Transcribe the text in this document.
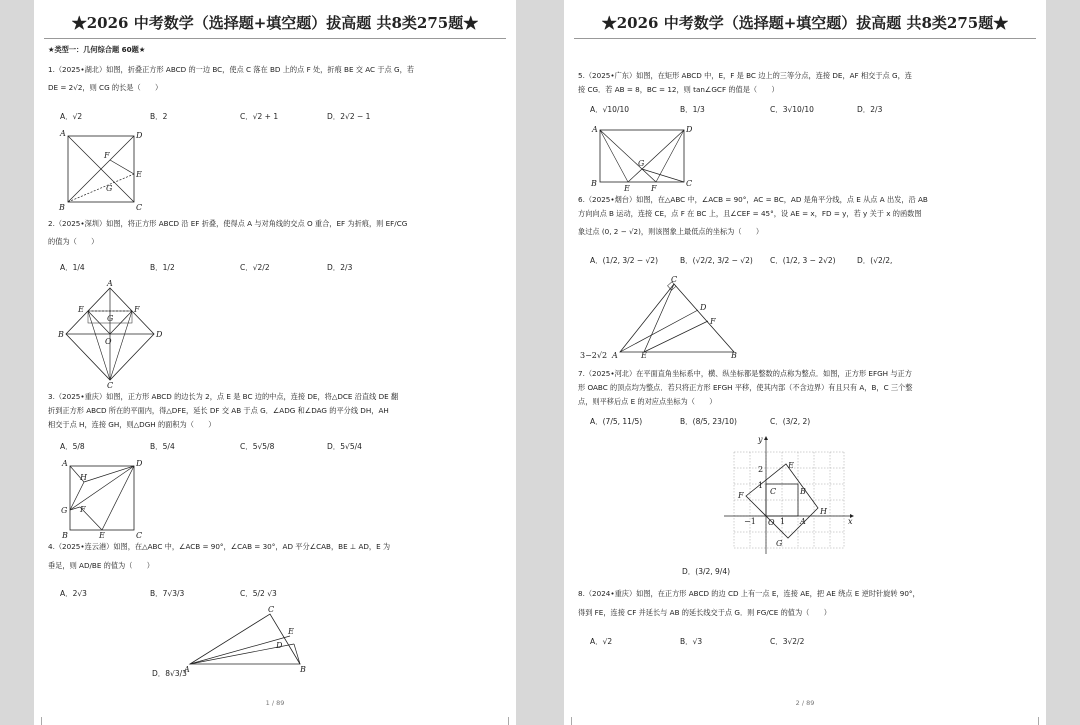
★2026 中考数学（选择题+填空题）拔高题 共8类275题★
★类型一：几何综合题 60题★
1.（2025•湖北）如图，折叠正方形 ABCD 的一边 BC，使点 C 落在 BD 上的点 F 处，折痕 BE 交 AC 于点 G，若
DE = 2√2，则 CG 的长是（　　）
A．√2	B．2	C．√2 + 1	D．2√2 − 1
A	D
F
E
G
B	C
2.（2025•深圳）如图，将正方形 ABCD 沿 EF 折叠，使得点 A 与对角线的交点 O 重合，EF 为折痕，则 EF/CG
的值为（　　）
A．1/4	B．1/2	C．√2/2	D．2/3
A
E	F
G
B	D
O
C
3.（2025•重庆）如图，正方形 ABCD 的边长为 2，点 E 是 BC 边的中点，连接 DE，将△DCE 沿直线 DE 翻
折到正方形 ABCD 所在的平面内，得△DFE，延长 DF 交 AB 于点 G．∠ADG 和∠DAG 的平分线 DH，AH
相交于点 H，连接 GH，则△DGH 的面积为（　　）
A．5/8	B．5/4	C．5√5/8	D．5√5/4
A	D
H
G F
B	E	C
4.（2025•连云港）如图，在△ABC 中，∠ACB = 90°，∠CAB = 30°，AD 平分∠CAB，BE ⊥ AD，E 为
垂足，则 AD/BE 的值为（　　）
A．2√3	B．7√3/3	C．5/2 √3
D．8√3/3
C
E
D
A	B
1 / 89
★2026 中考数学（选择题+填空题）拔高题 共8类275题★
5.（2025•广东）如图，在矩形 ABCD 中，E，F 是 BC 边上的三等分点，连接 DE，AF 相交于点 G，连
接 CG．若 AB = 8，BC = 12，则 tan∠GCF 的值是（　　）
A．√10/10	B．1/3	C．3√10/10	D．2/3
A	D
G
B
E	F
C
6.（2025•烟台）如图，在△ABC 中，∠ACB = 90°，AC = BC，AD 是角平分线，点 E 从点 A 出发，沿 AB
方向向点 B 运动，连接 CE，点 F 在 BC 上，且∠CEF = 45°，设 AE = x，FD = y，若 y 关于 x 的函数图
象过点 (0, 2 − √2)，则该图象上最低点的坐标为（　　）
A．(1/2, 3/2 − √2)	B．(√2/2, 3/2 − √2) C．(1/2, 3 − 2√2)	D．(√2/2,
C
D
F
3−2√2 A	E	B
7.（2025•河北）在平面直角坐标系中，横、纵坐标都是整数的点称为整点．如图，正方形 EFGH 与正方
形 OABC 的顶点均为整点．若只将正方形 EFGH 平移，使其内部（不含边界）有且只有 A，B，C 三个整
点，则平移后点 E 的对应点坐标为（　　）
A．(7/5, 11/5)	B．(8/5, 23/10)	C．(3/2, 2)
D．(3/2, 9/4)
y
x
E
C	B
F
H
A
O
G
2
1
−1	1
8.（2024•重庆）如图，在正方形 ABCD 的边 CD 上有一点 E，连接 AE，把 AE 绕点 E 逆时针旋转 90°，
得到 FE，连接 CF 并延长与 AB 的延长线交于点 G．则 FG/CE 的值为（　　）
A．√2	B．√3	C．3√2/2
2 / 89
